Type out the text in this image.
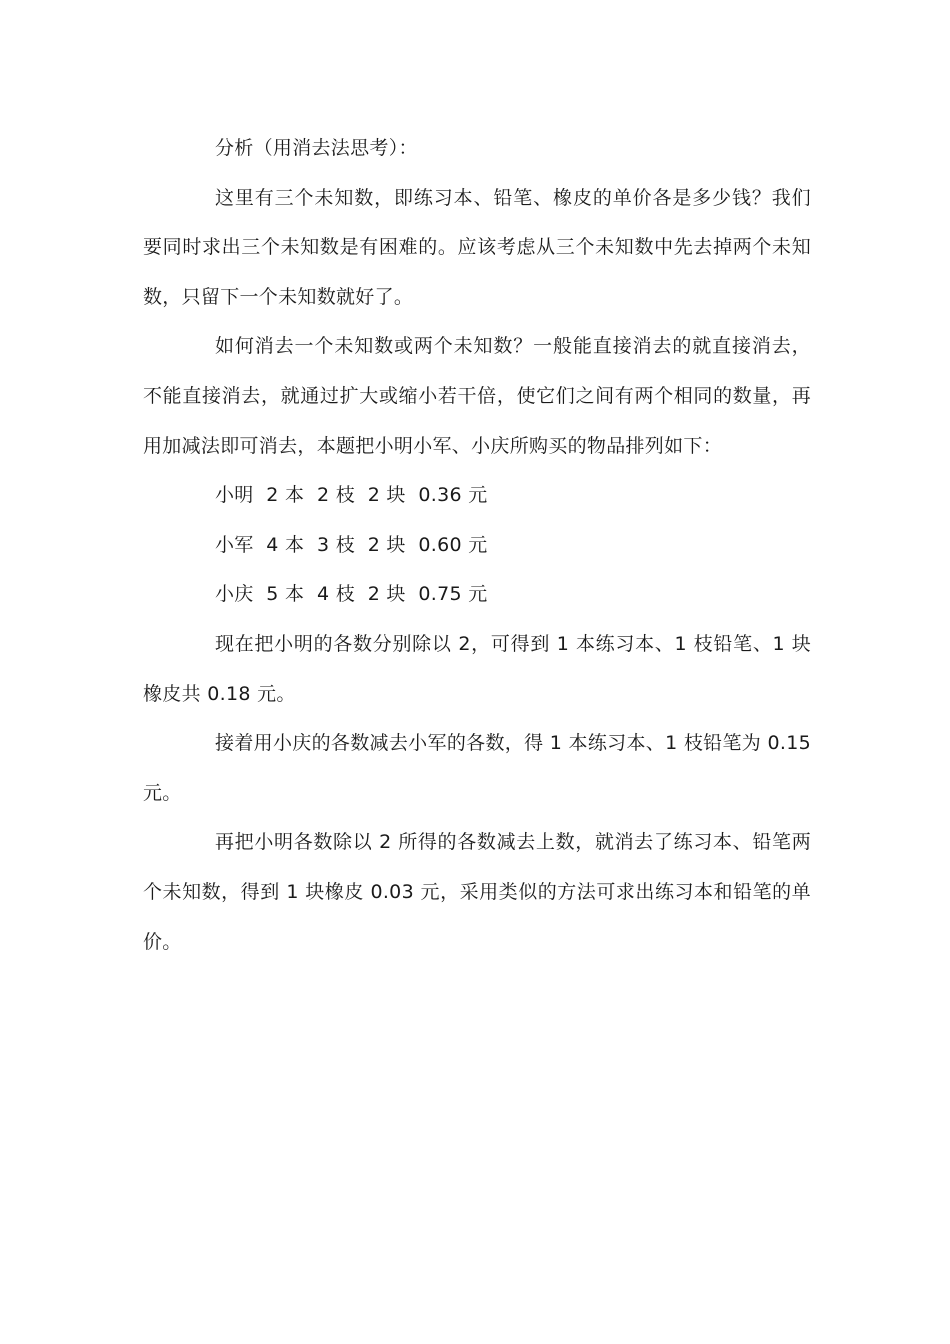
分析（用消去法思考）：

这里有三个未知数，即练习本、铅笔、橡皮的单价各是多少钱？我们要同时求出三个未知数是有困难的。应该考虑从三个未知数中先去掉两个未知数，只留下一个未知数就好了。

如何消去一个未知数或两个未知数？一般能直接消去的就直接消去，不能直接消去，就通过扩大或缩小若干倍，使它们之间有两个相同的数量，再用加减法即可消去，本题把小明小军、小庆所购买的物品排列如下：

小明  2 本  2 枝  2 块  0.36 元

小军  4 本  3 枝  2 块  0.60 元

小庆  5 本  4 枝  2 块  0.75 元

现在把小明的各数分别除以 2，可得到 1 本练习本、1 枝铅笔、1 块橡皮共 0.18 元。

接着用小庆的各数减去小军的各数，得 1 本练习本、1 枝铅笔为 0.15 元。

再把小明各数除以 2 所得的各数减去上数，就消去了练习本、铅笔两个未知数，得到 1 块橡皮 0.03 元，采用类似的方法可求出练习本和铅笔的单价。
